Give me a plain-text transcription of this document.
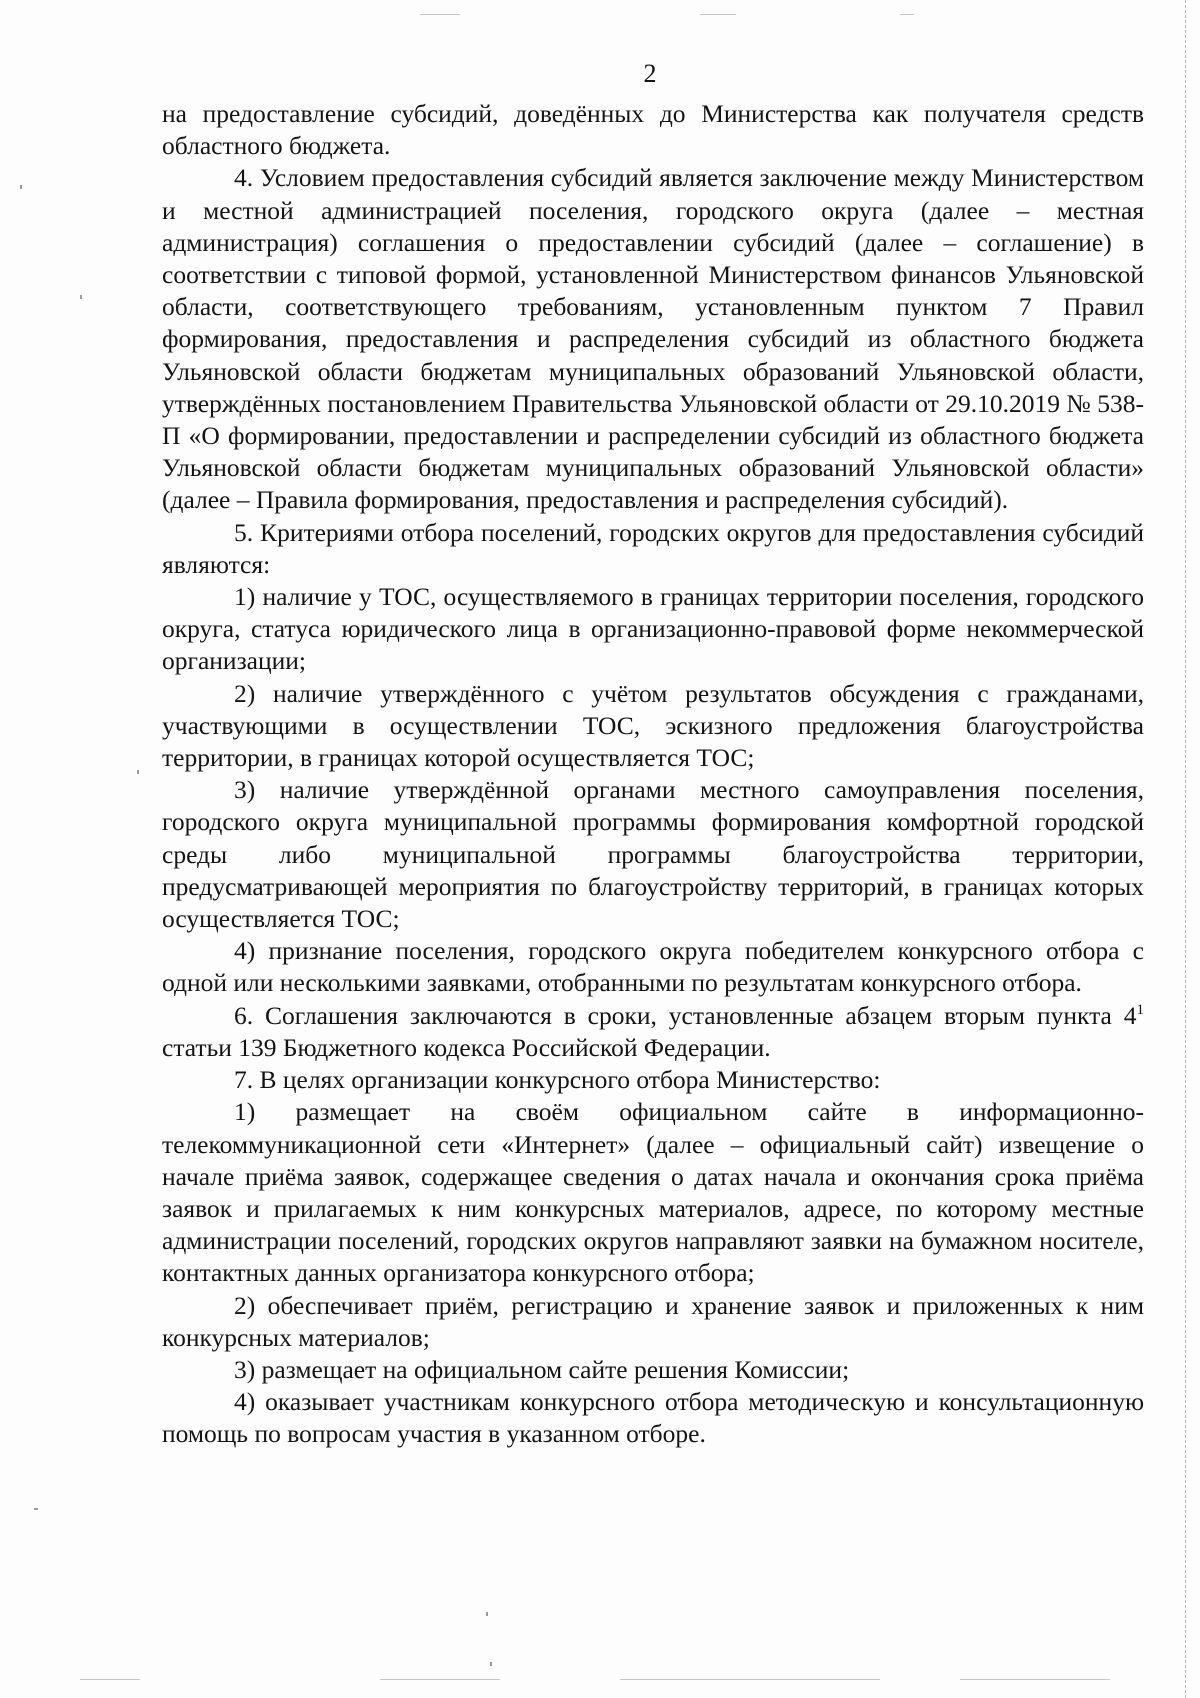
2

на предоставление субсидий, доведённых до Министерства как получателя средств областного бюджета.

4. Условием предоставления субсидий является заключение между Министерством и местной администрацией поселения, городского округа (далее – местная администрация) соглашения о предоставлении субсидий (далее – соглашение) в соответствии с типовой формой, установленной Министерством финансов Ульяновской области, соответствующего требованиям, установленным пунктом 7 Правил формирования, предоставления и распределения субсидий из областного бюджета Ульяновской области бюджетам муниципальных образований Ульяновской области, утверждённых постановлением Правительства Ульяновской области от 29.10.2019 № 538-П «О формировании, предоставлении и распределении субсидий из областного бюджета Ульяновской области бюджетам муниципальных образований Ульяновской области» (далее – Правила формирования, предоставления и распределения субсидий).

5. Критериями отбора поселений, городских округов для предоставления субсидий являются:

1) наличие у ТОС, осуществляемого в границах территории поселения, городского округа, статуса юридического лица в организационно-правовой форме некоммерческой организации;

2) наличие утверждённого с учётом результатов обсуждения с гражданами, участвующими в осуществлении ТОС, эскизного предложения благоустройства территории, в границах которой осуществляется ТОС;

3) наличие утверждённой органами местного самоуправления поселения, городского округа муниципальной программы формирования комфортной городской среды либо муниципальной программы благоустройства территории, предусматривающей мероприятия по благоустройству территорий, в границах которых осуществляется ТОС;

4) признание поселения, городского округа победителем конкурсного отбора с одной или несколькими заявками, отобранными по результатам конкурсного отбора.

6. Соглашения заключаются в сроки, установленные абзацем вторым пункта $4^1$ статьи 139 Бюджетного кодекса Российской Федерации.

7. В целях организации конкурсного отбора Министерство:

1) размещает на своём официальном сайте в информационно-телекоммуникационной сети «Интернет» (далее – официальный сайт) извещение о начале приёма заявок, содержащее сведения о датах начала и окончания срока приёма заявок и прилагаемых к ним конкурсных материалов, адресе, по которому местные администрации поселений, городских округов направляют заявки на бумажном носителе, контактных данных организатора конкурсного отбора;

2) обеспечивает приём, регистрацию и хранение заявок и приложенных к ним конкурсных материалов;

3) размещает на официальном сайте решения Комиссии;

4) оказывает участникам конкурсного отбора методическую и консультационную помощь по вопросам участия в указанном отборе.
